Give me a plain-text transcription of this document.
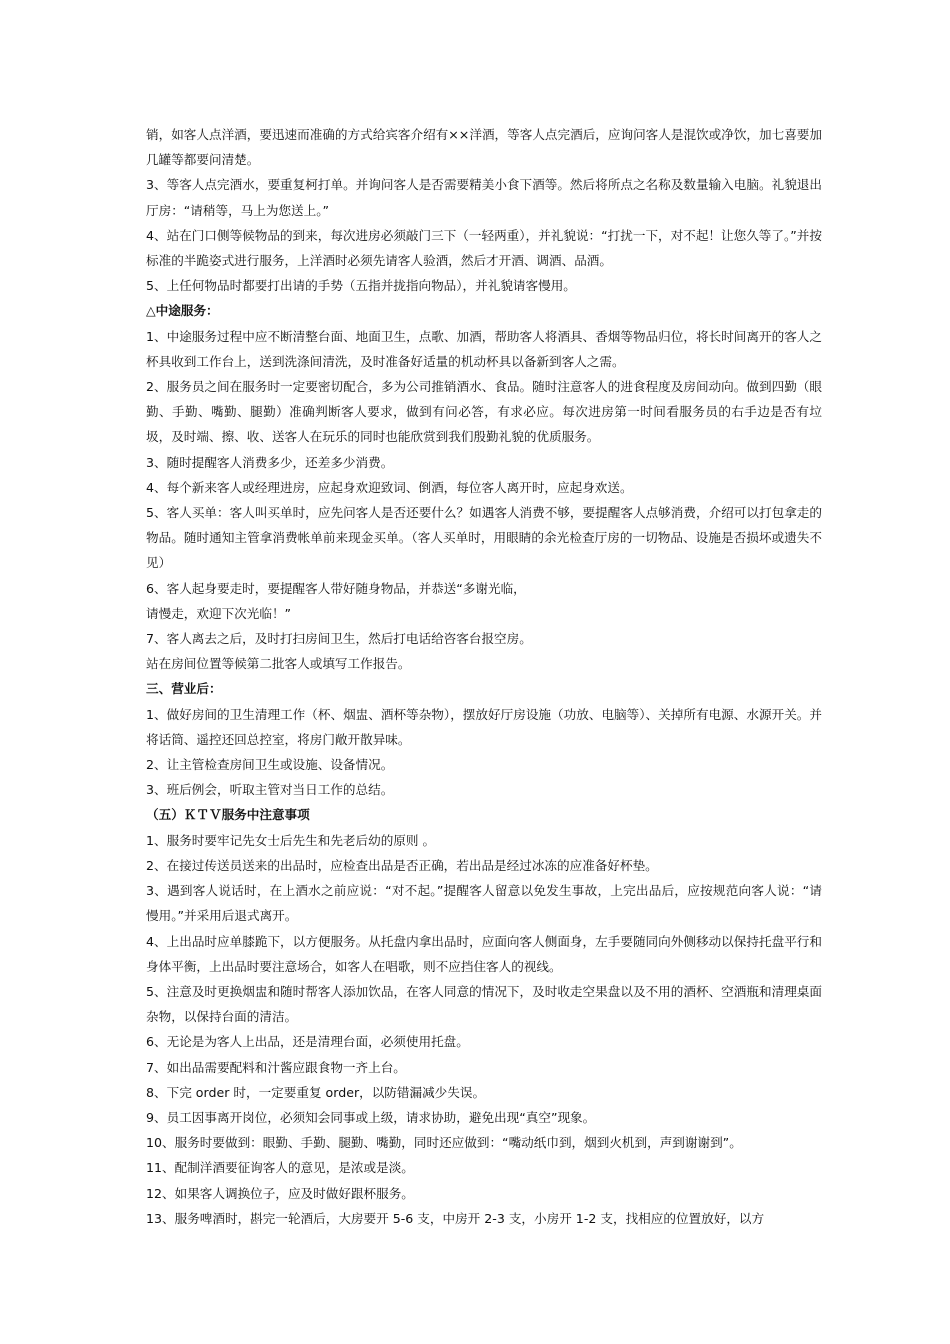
销，如客人点洋酒，要迅速而准确的方式给宾客介绍有××洋酒，等客人点完酒后，应询问客人是混饮或净饮，加七喜要加几罐等都要问清楚。

3、等客人点完酒水，要重复柯打单。并询问客人是否需要精美小食下酒等。然后将所点之名称及数量输入电脑。礼貌退出厅房：“请稍等，马上为您送上。”

4、站在门口侧等候物品的到来，每次进房必须敲门三下（一轻两重），并礼貌说：“打扰一下，对不起！让您久等了。”并按标准的半跪姿式进行服务，上洋酒时必须先请客人验酒，然后才开酒、调酒、品酒。

5、上任何物品时都要打出请的手势（五指并拢指向物品），并礼貌请客慢用。

△中途服务：

1、中途服务过程中应不断清整台面、地面卫生，点歌、加酒，帮助客人将酒具、香烟等物品归位，将长时间离开的客人之杯具收到工作台上，送到洗涤间清洗，及时准备好适量的机动杯具以备新到客人之需。

2、服务员之间在服务时一定要密切配合，多为公司推销酒水、食品。随时注意客人的进食程度及房间动向。做到四勤（眼勤、手勤、嘴勤、腿勤）准确判断客人要求，做到有问必答，有求必应。每次进房第一时间看服务员的右手边是否有垃圾，及时端、擦、收、送客人在玩乐的同时也能欣赏到我们殷勤礼貌的优质服务。

3、随时提醒客人消费多少，还差多少消费。

4、每个新来客人或经理进房，应起身欢迎致词、倒酒，每位客人离开时，应起身欢送。

5、客人买单：客人叫买单时，应先问客人是否还要什么？如遇客人消费不够，要提醒客人点够消费，介绍可以打包拿走的物品。随时通知主管拿消费帐单前来现金买单。（客人买单时，用眼睛的余光检查厅房的一切物品、设施是否损坏或遗失不见）

6、客人起身要走时，要提醒客人带好随身物品，并恭送“多谢光临，

请慢走，欢迎下次光临！”

7、客人离去之后，及时打扫房间卫生，然后打电话给咨客台报空房。

站在房间位置等候第二批客人或填写工作报告。

三、营业后：

1、做好房间的卫生清理工作（杯、烟盅、酒杯等杂物），摆放好厅房设施（功放、电脑等）、关掉所有电源、水源开关。并将话筒、遥控还回总控室，将房门敞开散异味。

2、让主管检查房间卫生或设施、设备情况。

3、班后例会，听取主管对当日工作的总结。

（五）ＫＴＶ服务中注意事项

1、服务时要牢记先女士后先生和先老后幼的原则 。

2、在接过传送员送来的出品时，应检查出品是否正确，若出品是经过冰冻的应准备好杯垫。

3、遇到客人说话时，在上酒水之前应说：“对不起。”提醒客人留意以免发生事故，上完出品后，应按规范向客人说：“请慢用。”并采用后退式离开。

4、上出品时应单膝跪下，以方便服务。从托盘内拿出品时，应面向客人侧面身，左手要随同向外侧移动以保持托盘平行和身体平衡，上出品时要注意场合，如客人在唱歌，则不应挡住客人的视线。

5、注意及时更换烟盅和随时帮客人添加饮品，在客人同意的情况下，及时收走空果盘以及不用的酒杯、空酒瓶和清理桌面杂物，以保持台面的清洁。

6、无论是为客人上出品，还是清理台面，必须使用托盘。

7、如出品需要配料和汁酱应跟食物一齐上台。

8、下完 order 时，一定要重复 order，以防错漏减少失误。

9、员工因事离开岗位，必须知会同事或上级，请求协助，避免出现“真空”现象。

10、服务时要做到：眼勤、手勤、腿勤、嘴勤，同时还应做到：“嘴动纸巾到，烟到火机到，声到谢谢到”。

11、配制洋酒要征询客人的意见，是浓或是淡。

12、如果客人调换位子，应及时做好跟杯服务。

13、服务啤酒时，斟完一轮酒后，大房要开 5-6 支，中房开 2-3 支，小房开 1-2 支，找相应的位置放好，以方
